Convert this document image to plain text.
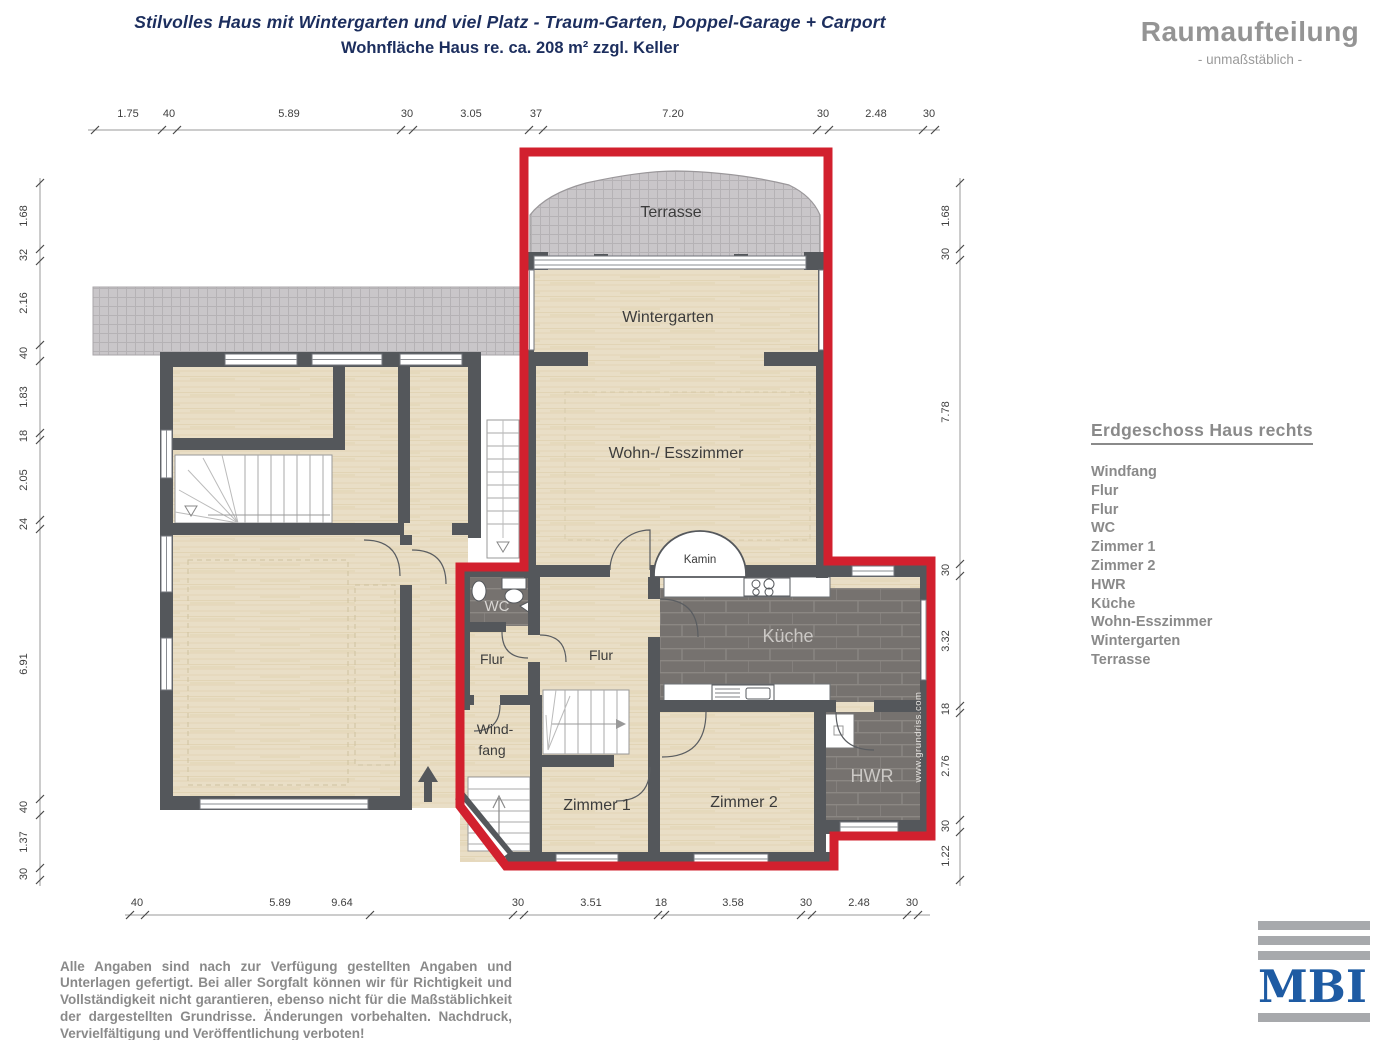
Stilvolles Haus mit Wintergarten und viel Platz - Traum-Garten, Doppel-Garage + Carport
Wohnfläche Haus re. ca. 208 m² zzgl. Keller
Raumaufteilung
- unmaßstäblich -
Terrasse
Wintergarten
Wohn-/ Esszimmer
Kamin
WC
Flur	Flur
Wind-
fang
Küche
HWR
Zimmer 1	Zimmer 2
www.grundriss.com
1.75 40	5.89	30	3.05	37	7.20	30	2.48	30
1.68
32
2.16
40
1.83
18
2.05
24
6.91
40
1.37
30
1.68
30
7.78
30
3.32
18
2.76
30
1.22
40	5.89	9.64	30	3.51	18	3.58	30	2.48	30
Erdgeschoss Haus rechts
Windfang
Flur
Flur
WC
Zimmer 1
Zimmer 2
HWR
Küche
Wohn-Esszimmer
Wintergarten
Terrasse

Alle Angaben sind nach zur Verfügung gestellten Angaben und Unterlagen gefertigt. Bei aller Sorgfalt können wir für Richtigkeit und Vollständigkeit nicht garantieren, ebenso nicht für die Maßstäblichkeit der dargestellten Grundrisse. Änderungen vorbehalten. Nachdruck, Vervielfältigung und Veröffentlichung verboten!

MBI
